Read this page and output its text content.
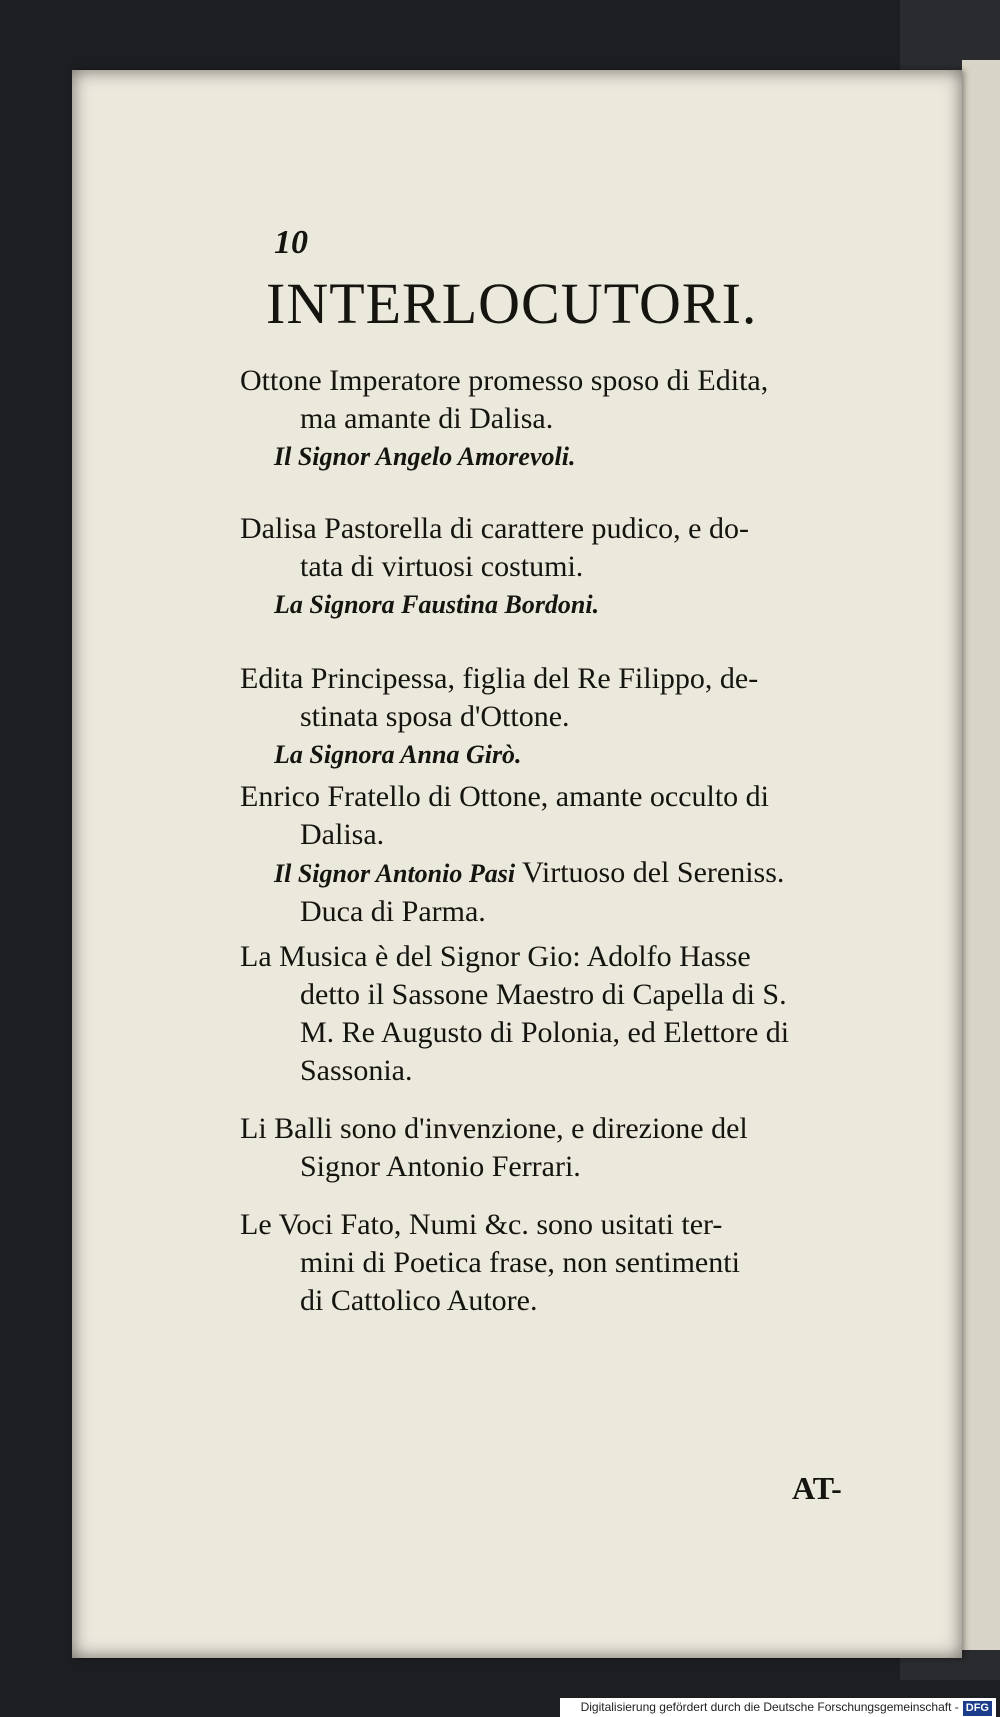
10
INTERLOCUTORI.

Ottone Imperatore promesso sposo di Edita,

ma amante di Dalisa.

Il Signor Angelo Amorevoli.

Dalisa Pastorella di carattere pudico, e do-

tata di virtuosi costumi.

La Signora Faustina Bordoni.

Edita Principessa, figlia del Re Filippo, de-

stinata sposa d'Ottone.

La Signora Anna Girò.

Enrico Fratello di Ottone, amante occulto di

Dalisa.

Il Signor Antonio Pasi Virtuoso del Sereniss.

Duca di Parma.

La Musica è del Signor Gio: Adolfo Hasse

detto il Sassone Maestro di Capella di S.

M. Re Augusto di Polonia, ed Elettore di

Sassonia.

Li Balli sono d'invenzione, e direzione del

Signor Antonio Ferrari.

Le Voci Fato, Numi &c. sono usitati ter-

mini di Poetica frase, non sentimenti

di Cattolico Autore.

AT-
Digitalisierung gefördert durch die Deutsche Forschungsgemeinschaft - DFG
